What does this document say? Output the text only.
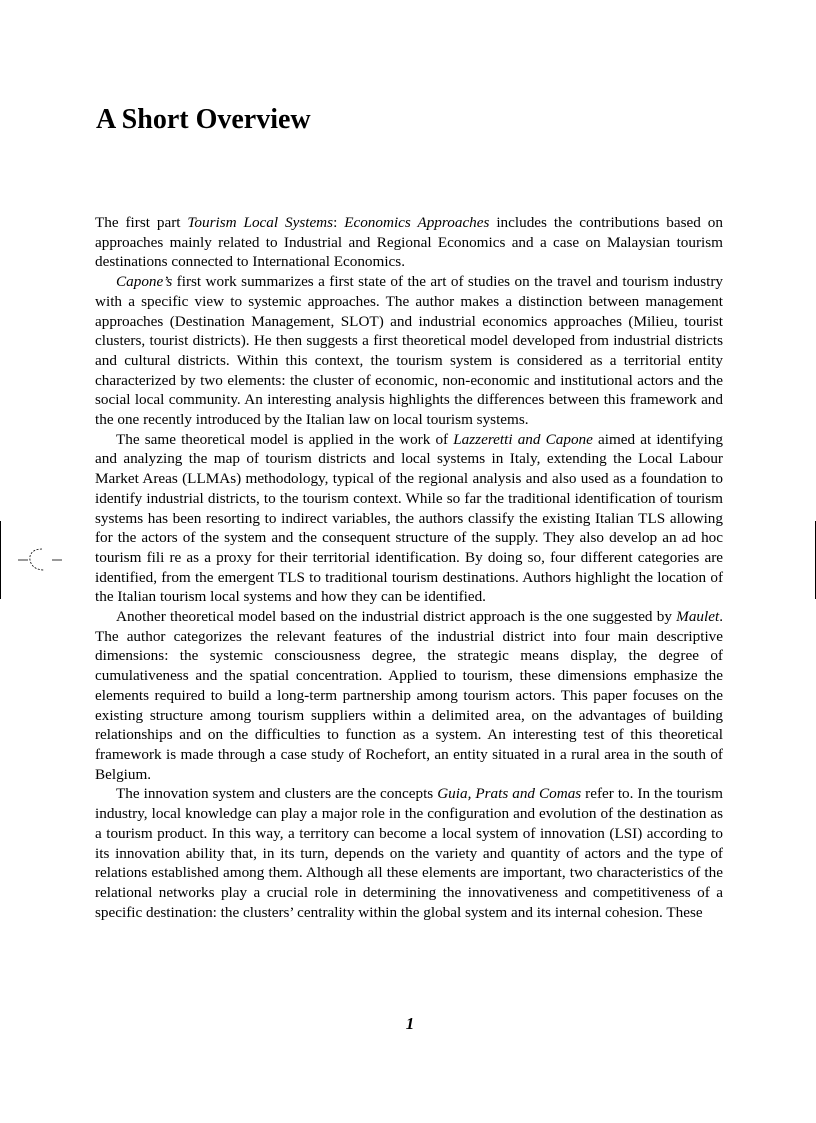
A Short Overview

The first part Tourism Local Systems: Economics Approaches includes the contributions based on approaches mainly related to Industrial and Regional Economics and a case on Malaysian tourism destinations connected to International Economics.

Capone’s first work summarizes a first state of the art of studies on the travel and tourism industry with a specific view to systemic approaches. The author makes a distinction between management approaches (Destination Management, SLOT) and industrial economics approaches (Milieu, tourist clusters, tourist districts). He then suggests a first theoretical model developed from industrial districts and cultural districts. Within this context, the tourism system is considered as a territorial entity characterized by two elements: the cluster of economic, non-economic and institutional actors and the social local community. An interesting analysis highlights the differences between this framework and the one recently introduced by the Italian law on local tourism systems.

The same theoretical model is applied in the work of Lazzeretti and Capone aimed at identifying and analyzing the map of tourism districts and local systems in Italy, extending the Local Labour Market Areas (LLMAs) methodology, typical of the regional analysis and also used as a foundation to identify industrial districts, to the tourism context. While so far the traditional identification of tourism systems has been resorting to indirect variables, the authors classify the existing Italian TLS allowing for the actors of the system and the consequent structure of the supply. They also develop an ad hoc tourism fili re as a proxy for their territorial identification. By doing so, four different categories are identified, from the emergent TLS to traditional tourism destinations. Authors highlight the location of the Italian tourism local systems and how they can be identified.

Another theoretical model based on the industrial district approach is the one suggested by Maulet. The author categorizes the relevant features of the industrial district into four main descriptive dimensions: the systemic consciousness degree, the strategic means display, the degree of cumulativeness and the spatial concentration. Applied to tourism, these dimensions emphasize the elements required to build a long-term partnership among tourism actors. This paper focuses on the existing structure among tourism suppliers within a delimited area, on the advantages of building relationships and on the difficulties to function as a system. An interesting test of this theoretical framework is made through a case study of Rochefort, an entity situated in a rural area in the south of Belgium.

The innovation system and clusters are the concepts Guia, Prats and Comas refer to. In the tourism industry, local knowledge can play a major role in the configuration and evolution of the destination as a tourism product. In this way, a territory can become a local system of innovation (LSI) according to its innovation ability that, in its turn, depends on the variety and quantity of actors and the type of relations established among them. Although all these elements are important, two characteristics of the relational networks play a crucial role in determining the innovativeness and competitiveness of a specific destination: the clusters’ centrality within the global system and its internal cohesion. These

1
